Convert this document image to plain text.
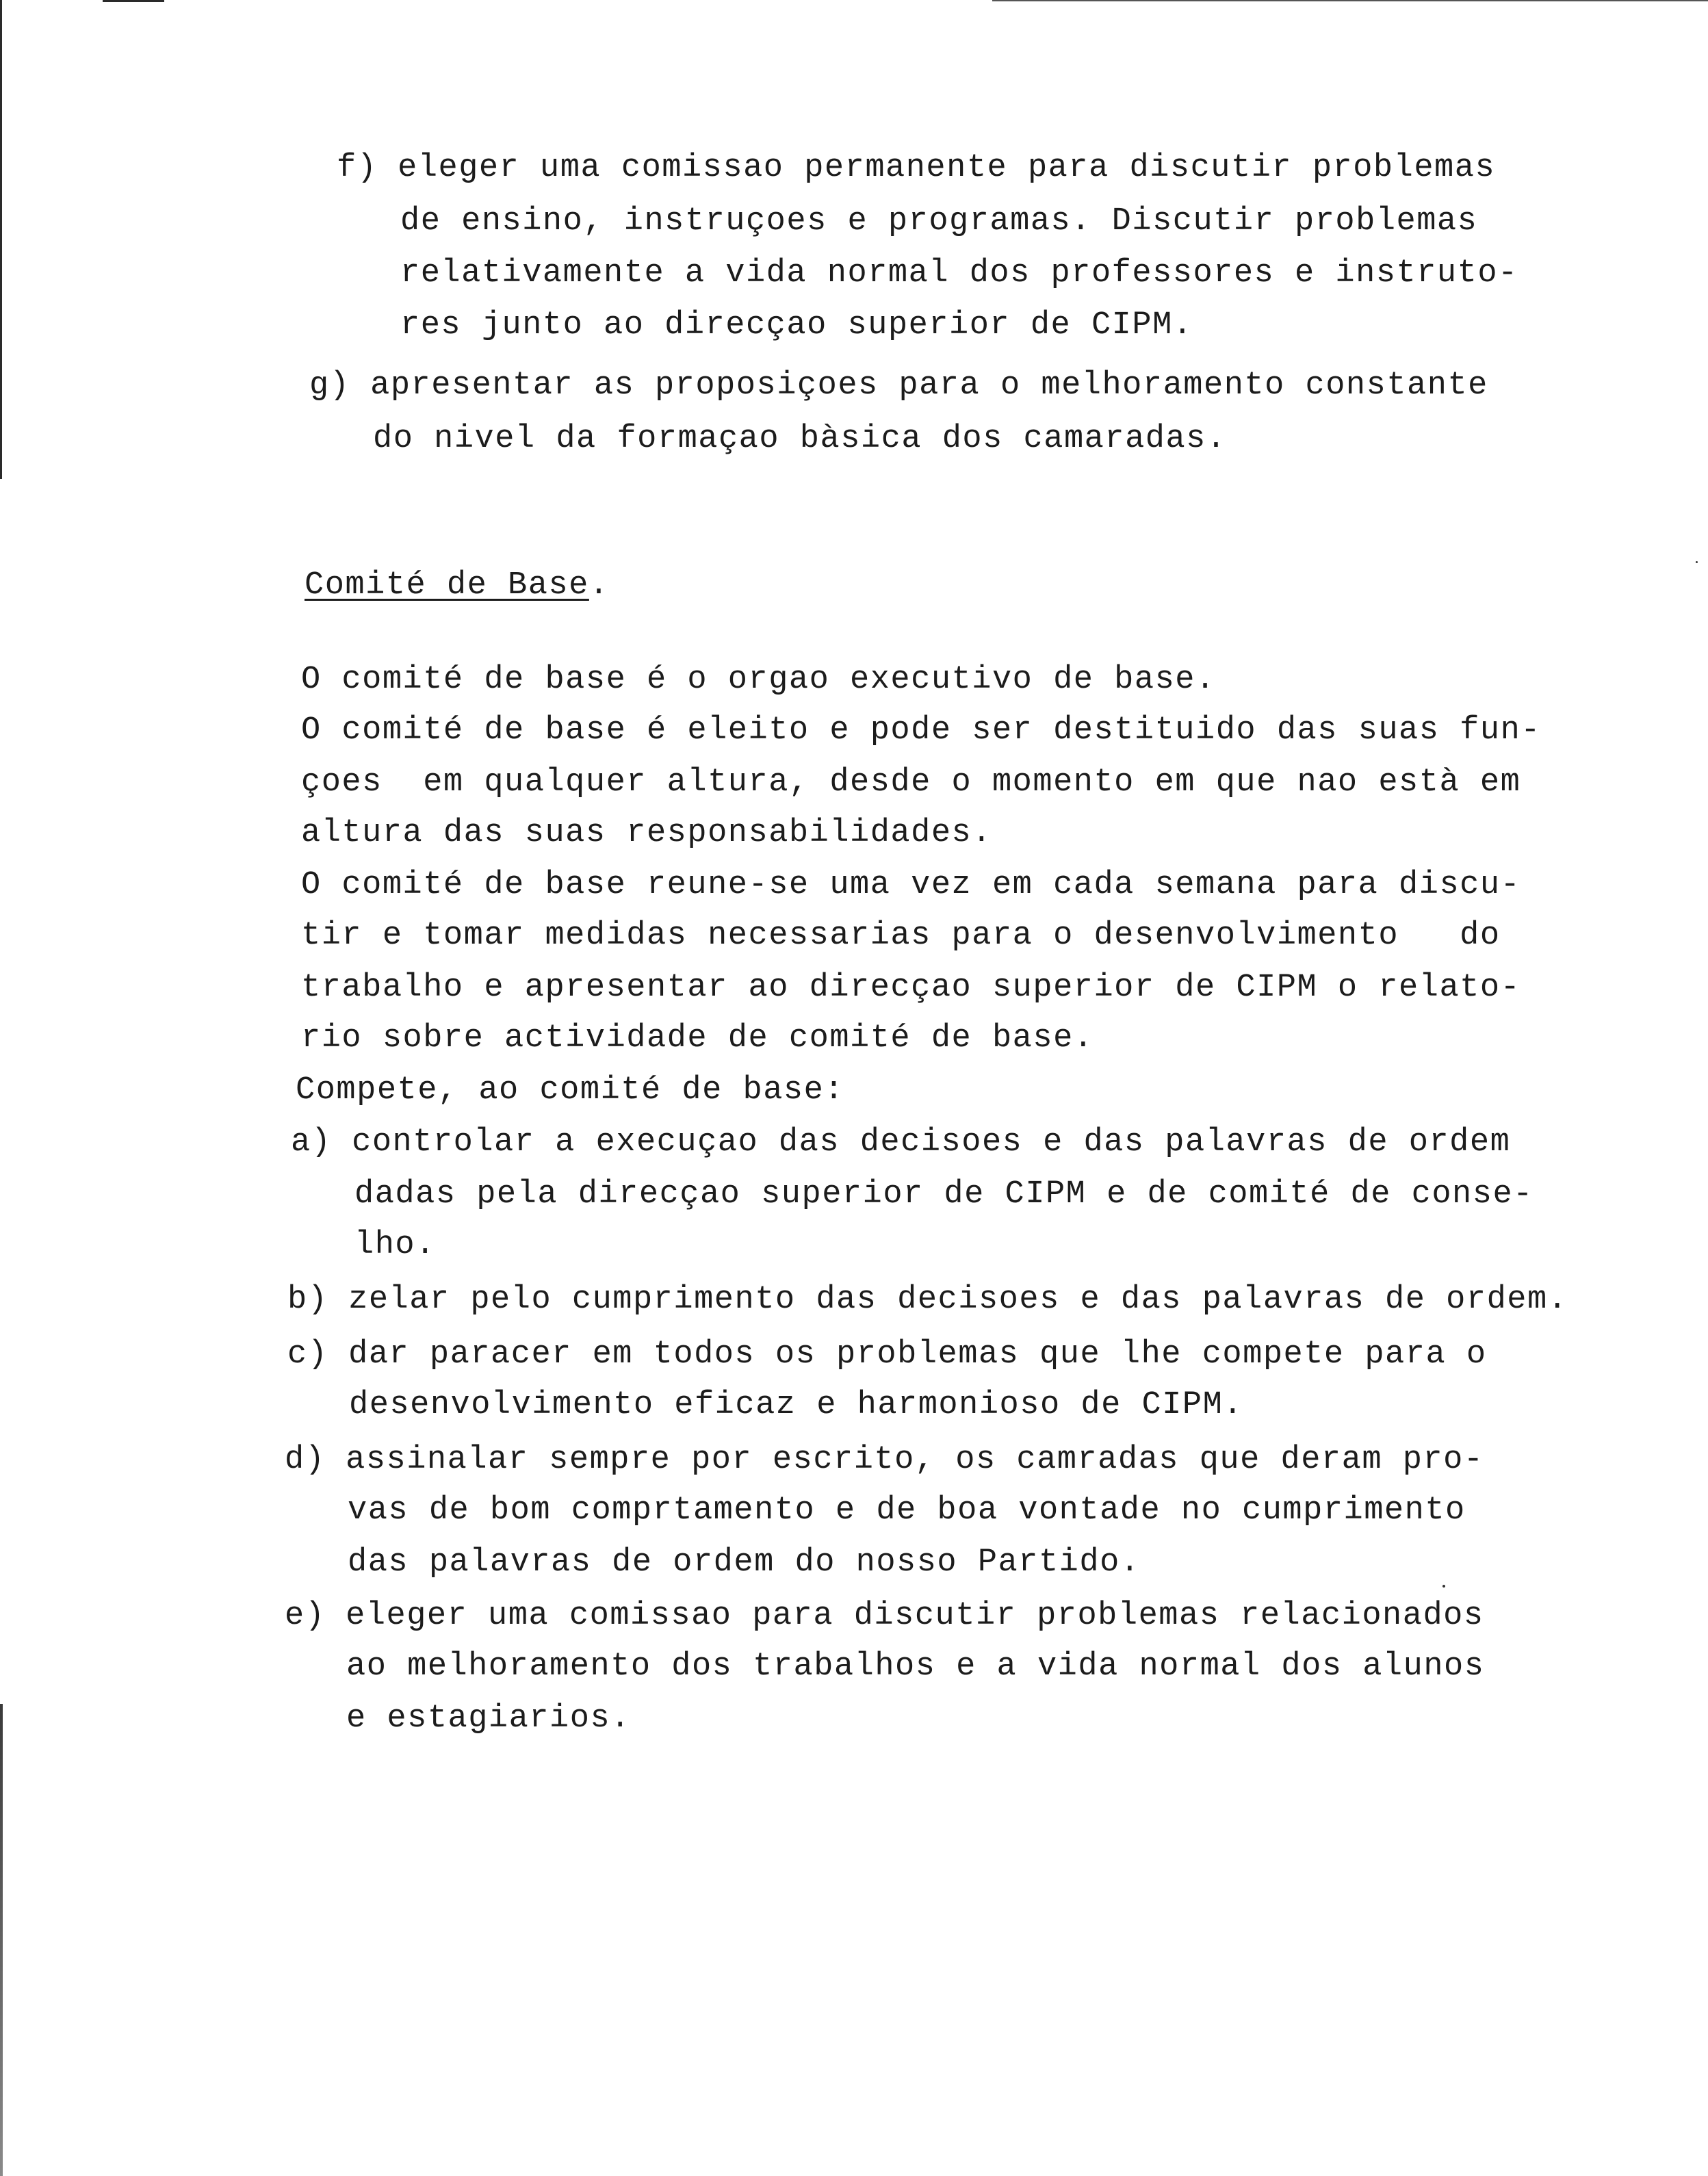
f) eleger uma comissao permanente para discutir problemas
de ensino, instruçoes e programas. Discutir problemas
relativamente a vida normal dos professores e instruto-
res junto ao direcçao superior de CIPM.
g) apresentar as proposiçoes para o melhoramento constante
do nivel da formaçao bàsica dos camaradas.
Comité de Base.
O comité de base é o orgao executivo de base.
O comité de base é eleito e pode ser destituido das suas fun-
çoes  em qualquer altura, desde o momento em que nao està em
altura das suas responsabilidades.
O comité de base reune-se uma vez em cada semana para discu-
tir e tomar medidas necessarias para o desenvolvimento   do
trabalho e apresentar ao direcçao superior de CIPM o relato-
rio sobre actividade de comité de base.
Compete, ao comité de base:
a) controlar a execuçao das decisoes e das palavras de ordem
dadas pela direcçao superior de CIPM e de comité de conse-
lho.
b) zelar pelo cumprimento das decisoes e das palavras de ordem.
c) dar paracer em todos os problemas que lhe compete para o
desenvolvimento eficaz e harmonioso de CIPM.
d) assinalar sempre por escrito, os camradas que deram pro-
vas de bom comprtamento e de boa vontade no cumprimento
das palavras de ordem do nosso Partido.
e) eleger uma comissao para discutir problemas relacionados
ao melhoramento dos trabalhos e a vida normal dos alunos
e estagiarios.
